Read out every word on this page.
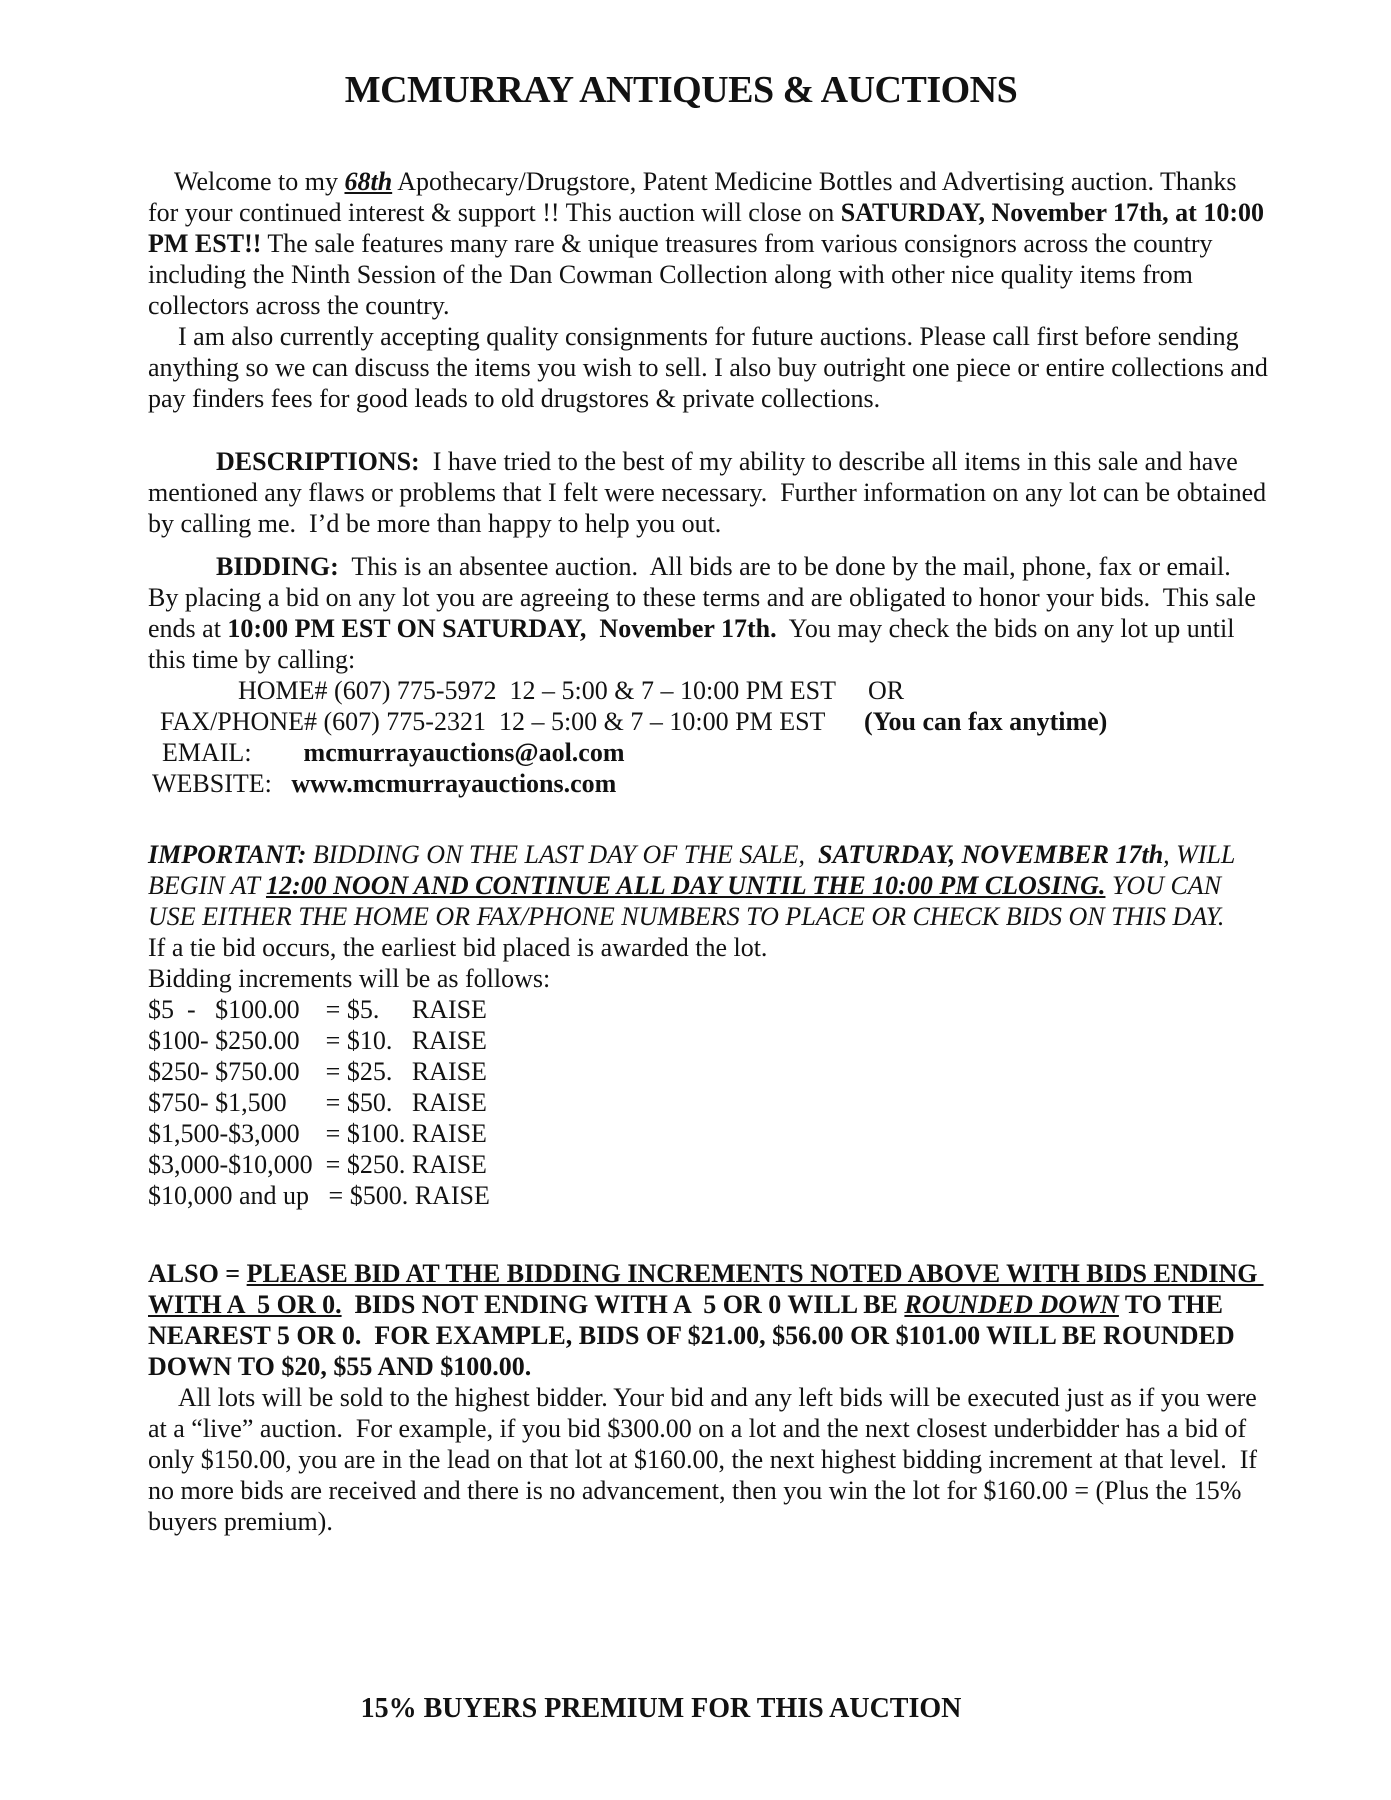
MCMURRAY ANTIQUES & AUCTIONS

Welcome to my 68th Apothecary/Drugstore, Patent Medicine Bottles and Advertising auction. Thanks for your continued interest & support !! This auction will close on SATURDAY, November 17th, at 10:00 PM EST!! The sale features many rare & unique treasures from various consignors across the country including the Ninth Session of the Dan Cowman Collection along with other nice quality items from collectors across the country.

I am also currently accepting quality consignments for future auctions. Please call first before sending anything so we can discuss the items you wish to sell. I also buy outright one piece or entire collections and pay finders fees for good leads to old drugstores & private collections.

DESCRIPTIONS:  I have tried to the best of my ability to describe all items in this sale and have mentioned any flaws or problems that I felt were necessary.  Further information on any lot can be obtained by calling me.  I’d be more than happy to help you out.

BIDDING:  This is an absentee auction.  All bids are to be done by the mail, phone, fax or email.  By placing a bid on any lot you are agreeing to these terms and are obligated to honor your bids.  This sale ends at 10:00 PM EST ON SATURDAY,  November 17th.  You may check the bids on any lot up until this time by calling:

HOME# (607) 775-5972  12 – 5:00 & 7 – 10:00 PM EST     OR

FAX/PHONE# (607) 775-2321  12 – 5:00 & 7 – 10:00 PM EST      (You can fax anytime)

EMAIL:        mcmurrayauctions@aol.com

WEBSITE:   www.mcmurrayauctions.com

IMPORTANT: BIDDING ON THE LAST DAY OF THE SALE,  SATURDAY, NOVEMBER 17th, WILL BEGIN AT 12:00 NOON AND CONTINUE ALL DAY UNTIL THE 10:00 PM CLOSING. YOU CAN USE EITHER THE HOME OR FAX/PHONE NUMBERS TO PLACE OR CHECK BIDS ON THIS DAY.

If a tie bid occurs, the earliest bid placed is awarded the lot.

Bidding increments will be as follows:

$5  -   $100.00    = $5.     RAISE

$100- $250.00    = $10.   RAISE

$250- $750.00    = $25.   RAISE

$750- $1,500      = $50.   RAISE

$1,500-$3,000    = $100. RAISE

$3,000-$10,000  = $250. RAISE

$10,000 and up   = $500. RAISE

ALSO = PLEASE BID AT THE BIDDING INCREMENTS NOTED ABOVE WITH BIDS ENDING WITH A  5 OR 0.  BIDS NOT ENDING WITH A  5 OR 0 WILL BE ROUNDED DOWN TO THE NEAREST 5 OR 0.  FOR EXAMPLE, BIDS OF $21.00, $56.00 OR $101.00 WILL BE ROUNDED DOWN TO $20, $55 AND $100.00.

All lots will be sold to the highest bidder. Your bid and any left bids will be executed just as if you were at a “live” auction.  For example, if you bid $300.00 on a lot and the next closest underbidder has a bid of only $150.00, you are in the lead on that lot at $160.00, the next highest bidding increment at that level.  If no more bids are received and there is no advancement, then you win the lot for $160.00 = (Plus the 15% buyers premium).

15% BUYERS PREMIUM FOR THIS AUCTION
